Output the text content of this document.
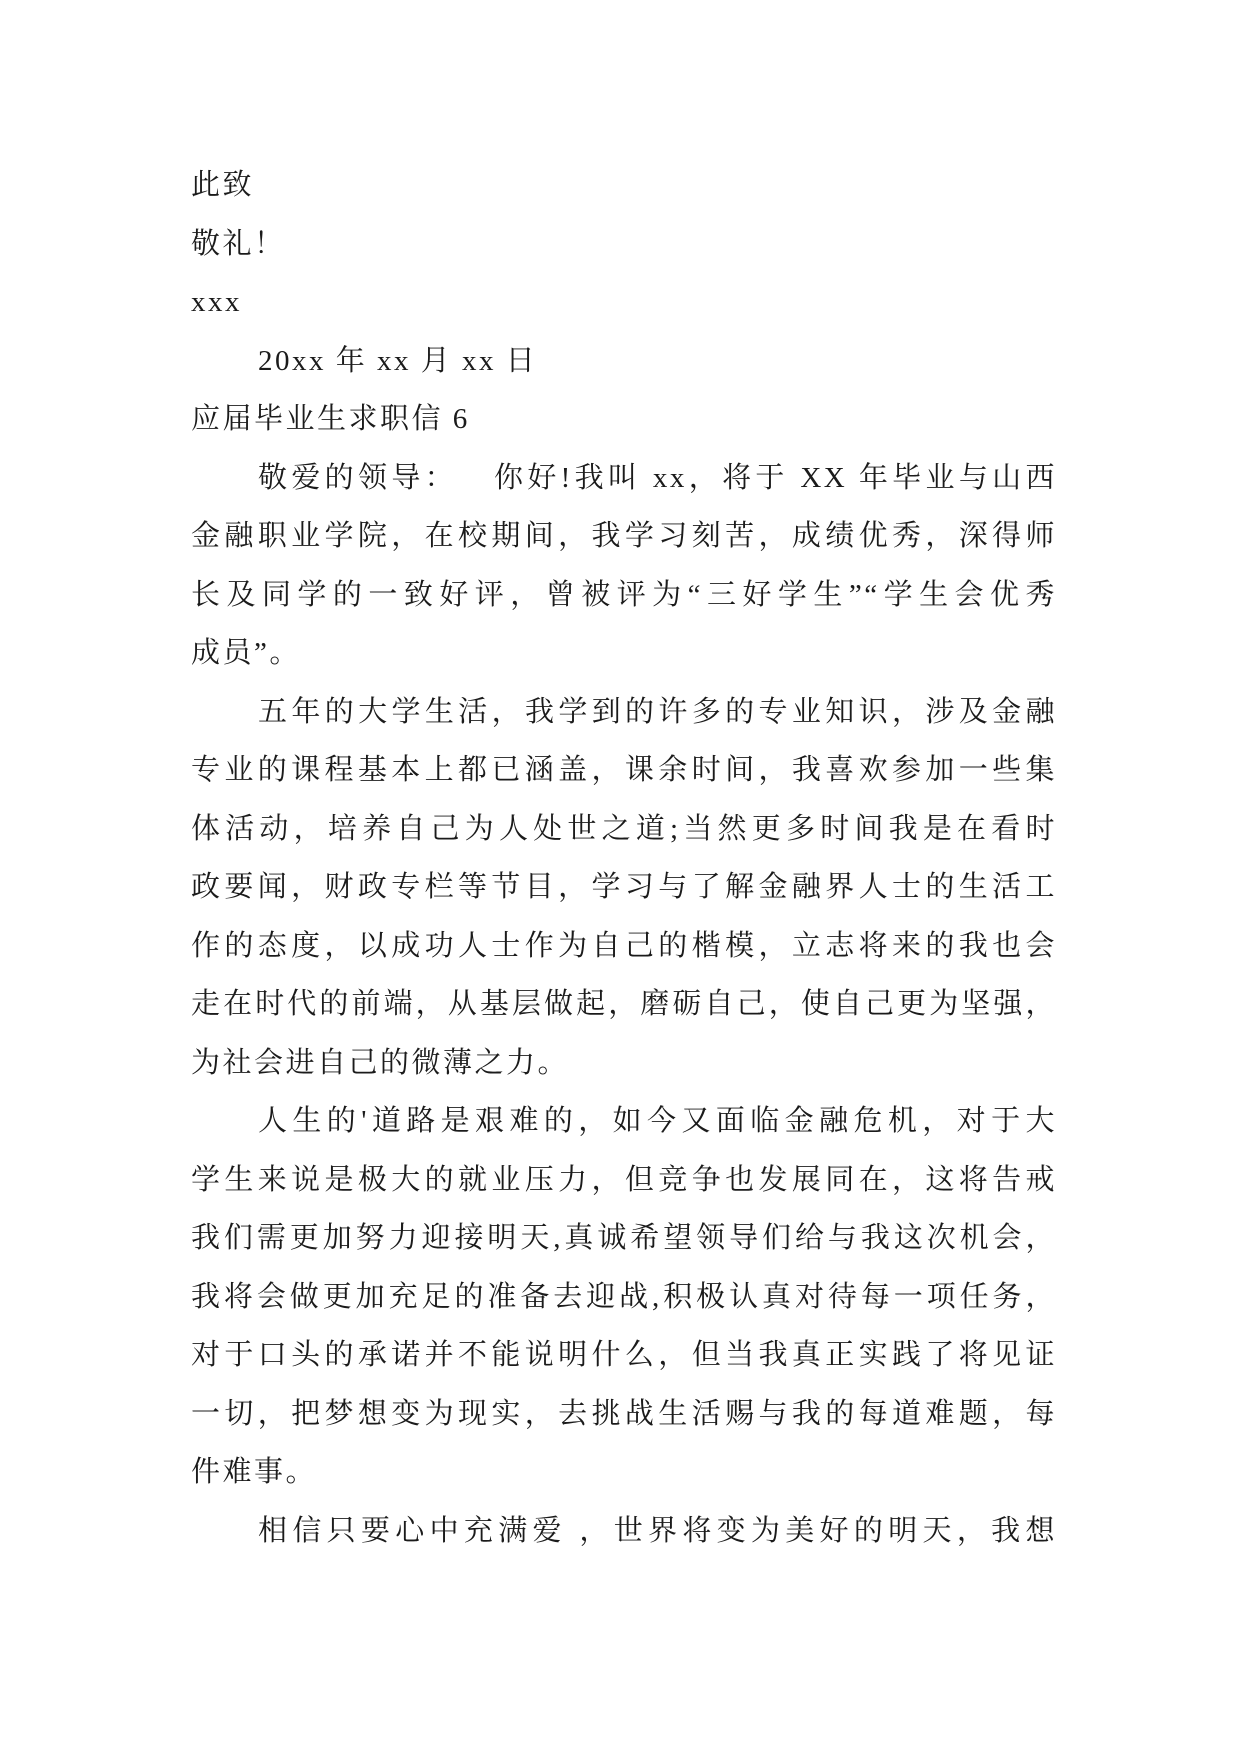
此致
敬礼！
xxx
20xx 年 xx 月 xx 日
应届毕业生求职信 6
敬爱的领导： 你好!我叫 xx，将于 XX 年毕业与山西
金融职业学院，在校期间，我学习刻苦，成绩优秀，深得师
长及同学的一致好评，曾被评为“三好学生”“学生会优秀
成员”。
五年的大学生活，我学到的许多的专业知识，涉及金融
专业的课程基本上都已涵盖，课余时间，我喜欢参加一些集
体活动，培养自己为人处世之道;当然更多时间我是在看时
政要闻，财政专栏等节目，学习与了解金融界人士的生活工
作的态度，以成功人士作为自己的楷模，立志将来的我也会
走在时代的前端，从基层做起，磨砺自己，使自己更为坚强，
为社会进自己的微薄之力。
人生的'道路是艰难的，如今又面临金融危机，对于大
学生来说是极大的就业压力，但竞争也发展同在，这将告戒
我们需更加努力迎接明天,真诚希望领导们给与我这次机会，
我将会做更加充足的准备去迎战,积极认真对待每一项任务，
对于口头的承诺并不能说明什么，但当我真正实践了将见证
一切，把梦想变为现实，去挑战生活赐与我的每道难题，每
件难事。
相信只要心中充满爱 ，世界将变为美好的明天，我想
